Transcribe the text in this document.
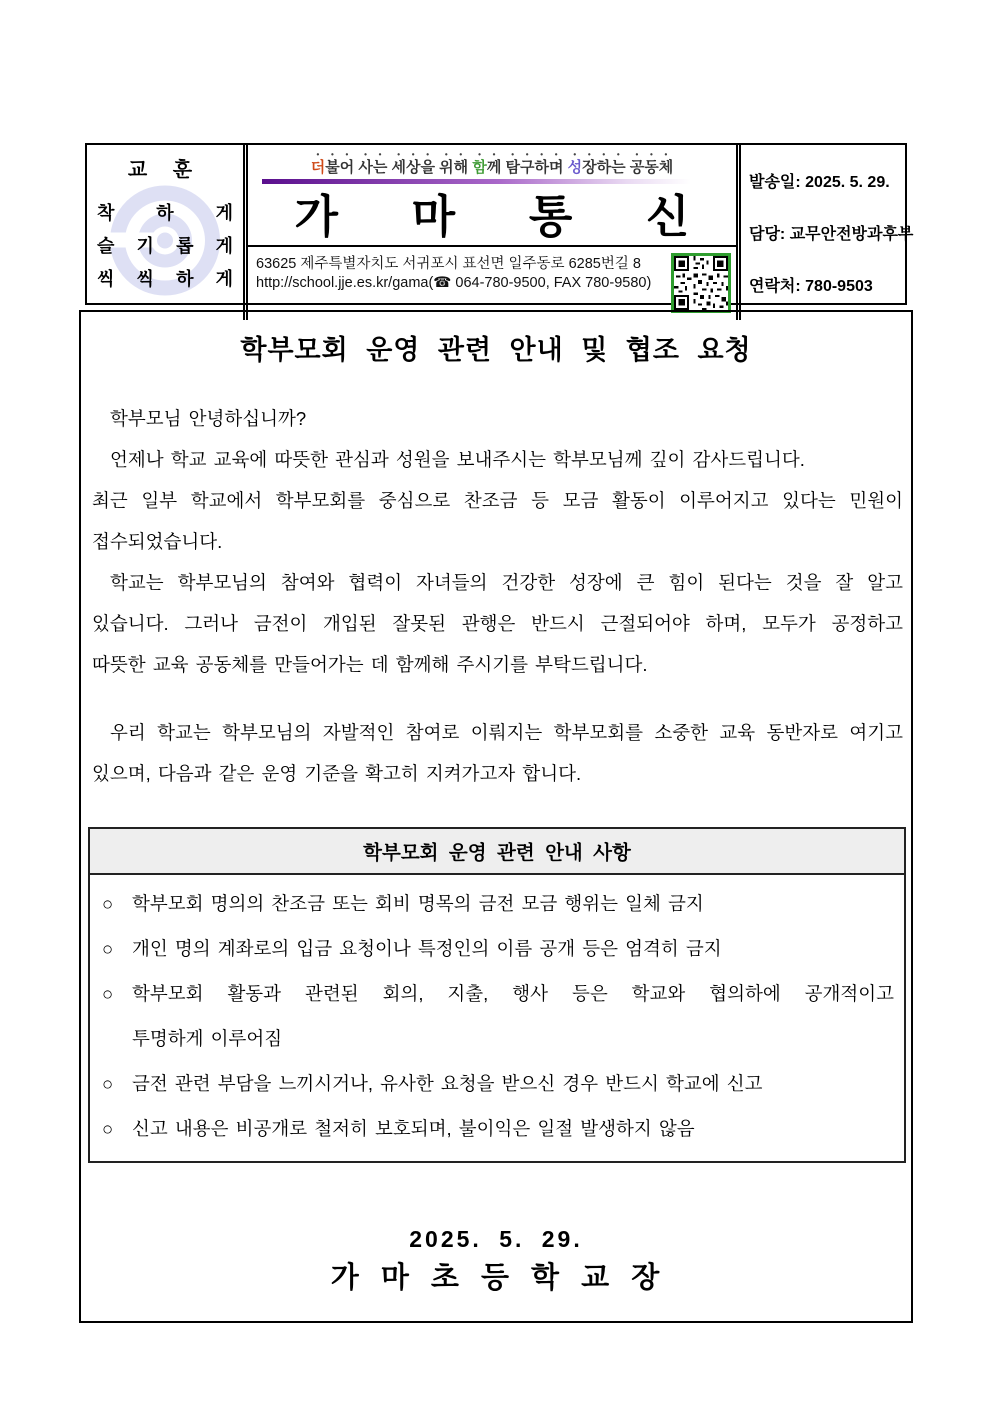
교 훈
착 하 게
슬 기 롭 게
씩 씩 하 게
더불어 사는 세상을 위해 함께 탐구하며 성장하는 공동체
가 마 통 신
63625 제주특별자치도 서귀포시 표선면 일주동로 6285번길 8
http://school.jje.es.kr/gama(☎ 064-780-9500, FAX 780-9580)
발송일: 2025. 5. 29.
담당: 교무안전방과후부
연락처: 780-9503
학부모회 운영 관련 안내 및 협조 요청
학부모님 안녕하십니까?
언제나 학교 교육에 따뜻한 관심과 성원을 보내주시는 학부모님께 깊이 감사드립니다.
최근 일부 학교에서 학부모회를 중심으로 찬조금 등 모금 활동이 이루어지고 있다는 민원이
접수되었습니다.
학교는 학부모님의 참여와 협력이 자녀들의 건강한 성장에 큰 힘이 된다는 것을 잘 알고
있습니다. 그러나 금전이 개입된 잘못된 관행은 반드시 근절되어야 하며, 모두가 공정하고
따뜻한 교육 공동체를 만들어가는 데 함께해 주시기를 부탁드립니다.
우리 학교는 학부모님의 자발적인 참여로 이뤄지는 학부모회를 소중한 교육 동반자로 여기고
있으며, 다음과 같은 운영 기준을 확고히 지켜가고자 합니다.
학부모회 운영 관련 안내 사항
○ 학부모회 명의의 찬조금 또는 회비 명목의 금전 모금 행위는 일체 금지
○ 개인 명의 계좌로의 입금 요청이나 특정인의 이름 공개 등은 엄격히 금지
○ 학부모회 활동과 관련된 회의, 지출, 행사 등은 학교와 협의하에 공개적이고
투명하게 이루어짐
○ 금전 관련 부담을 느끼시거나, 유사한 요청을 받으신 경우 반드시 학교에 신고
○ 신고 내용은 비공개로 철저히 보호되며, 불이익은 일절 발생하지 않음
2025. 5. 29.
가 마 초 등 학 교 장
